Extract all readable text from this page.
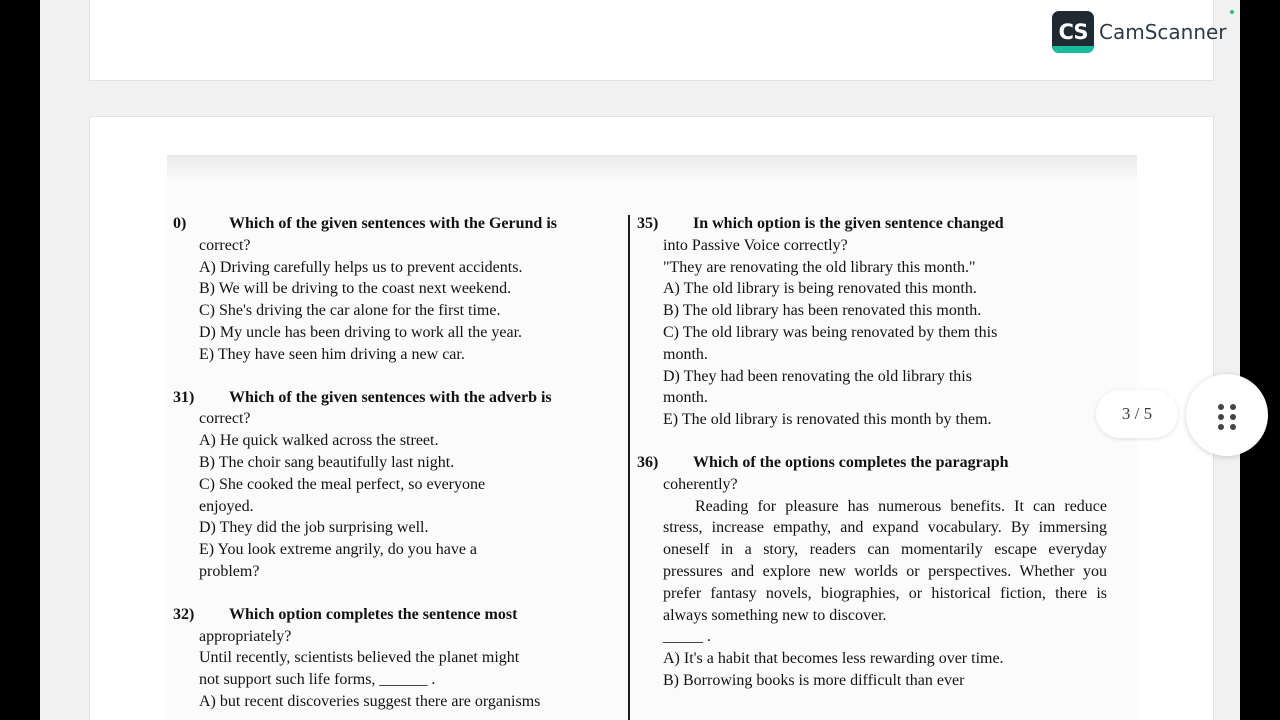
CS CamScanner
0)	Which of the given sentences with the Gerund is
correct?
A) Driving carefully helps us to prevent accidents.
B) We will be driving to the coast next weekend.
C) She's driving the car alone for the first time.
D) My uncle has been driving to work all the year.
E) They have seen him driving a new car.
31)	Which of the given sentences with the adverb is
correct?
A) He quick walked across the street.
B) The choir sang beautifully last night.
C) She cooked the meal perfect, so everyone
enjoyed.
D) They did the job surprising well.
E) You look extreme angrily, do you have a
problem?
32)	Which option completes the sentence most
appropriately?
Until recently, scientists believed the planet might
not support such life forms, ______ .
A) but recent discoveries suggest there are organisms
35)	In which option is the given sentence changed
into Passive Voice correctly?
"They are renovating the old library this month."
A) The old library is being renovated this month.
B) The old library has been renovated this month.
C) The old library was being renovated by them this
month.
D) They had been renovating the old library this
month.
E) The old library is renovated this month by them.
36)	Which of the options completes the paragraph
coherently?
Reading for pleasure has numerous benefits. It can reduce stress, increase empathy, and expand vocabulary. By immersing oneself in a story, readers can momentarily escape everyday pressures and explore new worlds or perspectives. Whether you prefer fantasy novels, biographies, or historical fiction, there is always something new to discover.
_____ .
A) It's a habit that becomes less rewarding over time.
B) Borrowing books is more difficult than ever
3 / 5
